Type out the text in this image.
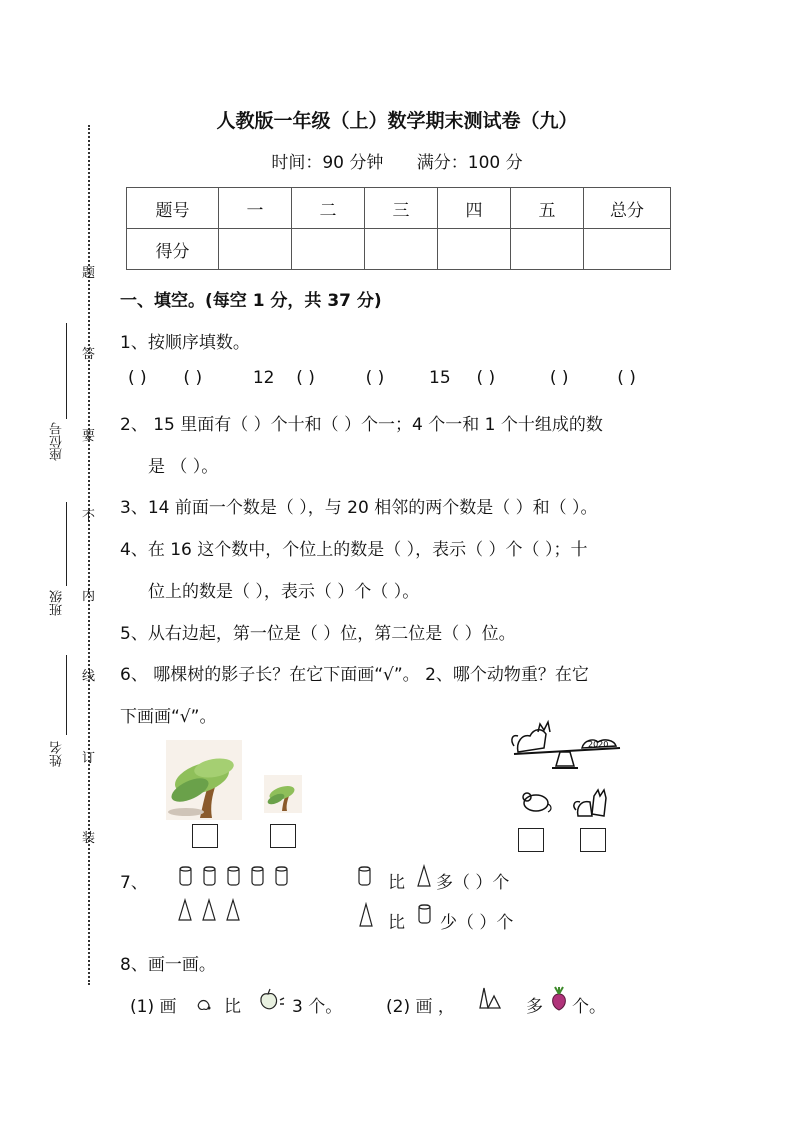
题
答
要
不
内
线
订
装
座位号
班级
姓名
人教版一年级（上）数学期末测试卷（九）
时间：90 分钟 满分：100 分
题号	一	二	三	四	五	总分
得分						
一、填空。(每空 1 分，共 37 分)
1、按顺序填数。
( ) ( )	12 ( )	( )	15 ( )	( )	( )
2、 15 里面有（ ）个十和（ ）个一；4 个一和 1 个十组成的数
是 （ ）。
3、14 前面一个数是（ ），与 20 相邻的两个数是（ ）和（ ）。
4、在 16 这个数中，个位上的数是（ ），表示（ ）个（ ）；十
位上的数是（ ），表示（ ）个（ ）。
5、从右边起，第一位是（ ）位，第二位是（ ）位。
6、 哪棵树的影子长？在它下面画“√”。 2、哪个动物重？在它
下画画“√”。
2020
7、	比 多（ ）个
比 少（ ）个
8、画一画。
(1) 画	比	3 个。	(2) 画 ，	多 个。
